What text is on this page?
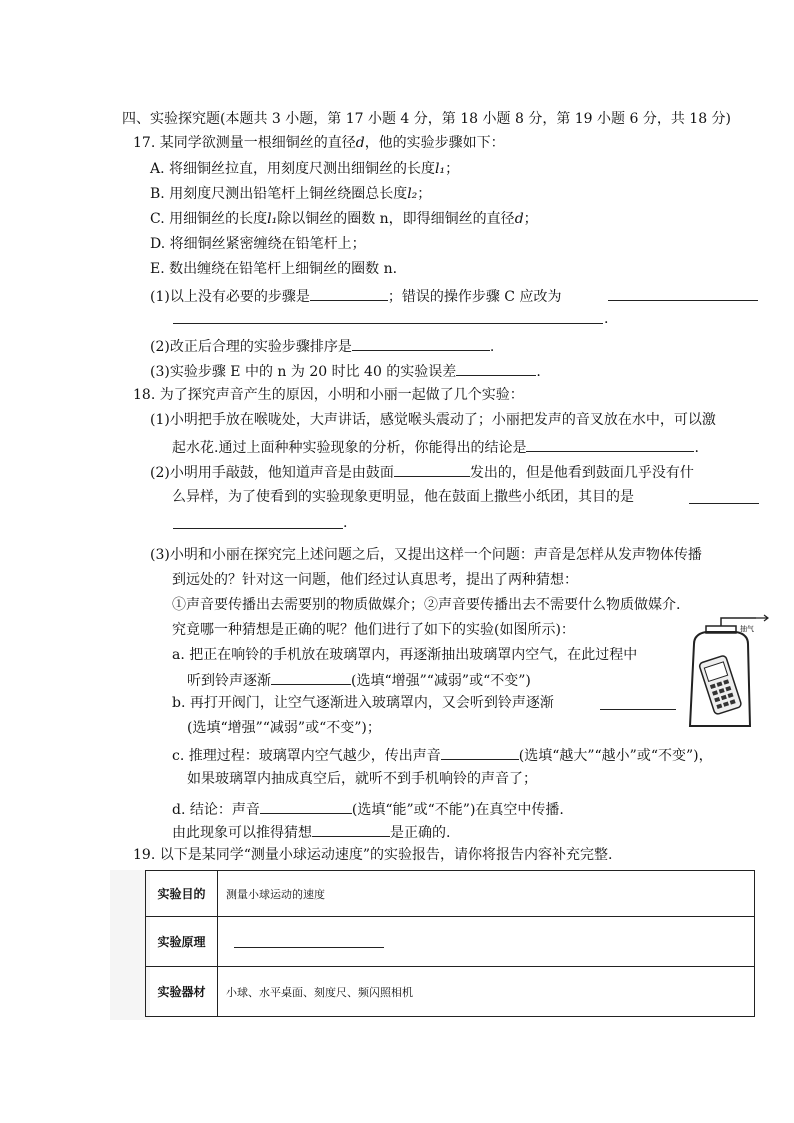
四、实验探究题(本题共 3 小题，第 17 小题 4 分，第 18 小题 8 分，第 19 小题 6 分，共 18 分)
17. 某同学欲测量一根细铜丝的直径d，他的实验步骤如下：
A. 将细铜丝拉直，用刻度尺测出细铜丝的长度l₁；
B. 用刻度尺测出铅笔杆上铜丝绕圈总长度l₂；
C. 用细铜丝的长度l₁除以铜丝的圈数 n，即得细铜丝的直径d；
D. 将细铜丝紧密缠绕在铅笔杆上；
E. 数出缠绕在铅笔杆上细铜丝的圈数 n.
(1)以上没有必要的步骤是	；错误的操作步骤 C 应改为
.
(2)改正后合理的实验步骤排序是	.
(3)实验步骤 E 中的 n 为 20 时比 40 的实验误差	.
18. 为了探究声音产生的原因，小明和小丽一起做了几个实验：
(1)小明把手放在喉咙处，大声讲话，感觉喉头震动了；小丽把发声的音叉放在水中，可以激
起水花.通过上面种种实验现象的分析，你能得出的结论是	.
(2)小明用手敲鼓，他知道声音是由鼓面	发出的，但是他看到鼓面几乎没有什
么异样，为了使看到的实验现象更明显，他在鼓面上撒些小纸团，其目的是
.
(3)小明和小丽在探究完上述问题之后，又提出这样一个问题：声音是怎样从发声物体传播
到远处的？针对这一问题，他们经过认真思考，提出了两种猜想：
①声音要传播出去需要别的物质做媒介；②声音要传播出去不需要什么物质做媒介.
究竟哪一种猜想是正确的呢？他们进行了如下的实验(如图所示)：
a. 把正在响铃的手机放在玻璃罩内，再逐渐抽出玻璃罩内空气，在此过程中
听到铃声逐渐	(选填“增强”“减弱”或“不变”)
b. 再打开阀门，让空气逐渐进入玻璃罩内，又会听到铃声逐渐
(选填“增强”“减弱”或“不变”)；
c. 推理过程：玻璃罩内空气越少，传出声音	(选填“越大”“越小”或“不变”)，
如果玻璃罩内抽成真空后，就听不到手机响铃的声音了；
d. 结论：声音	(选填“能”或“不能”)在真空中传播.
由此现象可以推得猜想	是正确的.
抽气
19. 以下是某同学“测量小球运动速度”的实验报告，请你将报告内容补充完整.
实验目的	测量小球运动的速度
实验原理	
实验器材	小球、水平桌面、刻度尺、频闪照相机
